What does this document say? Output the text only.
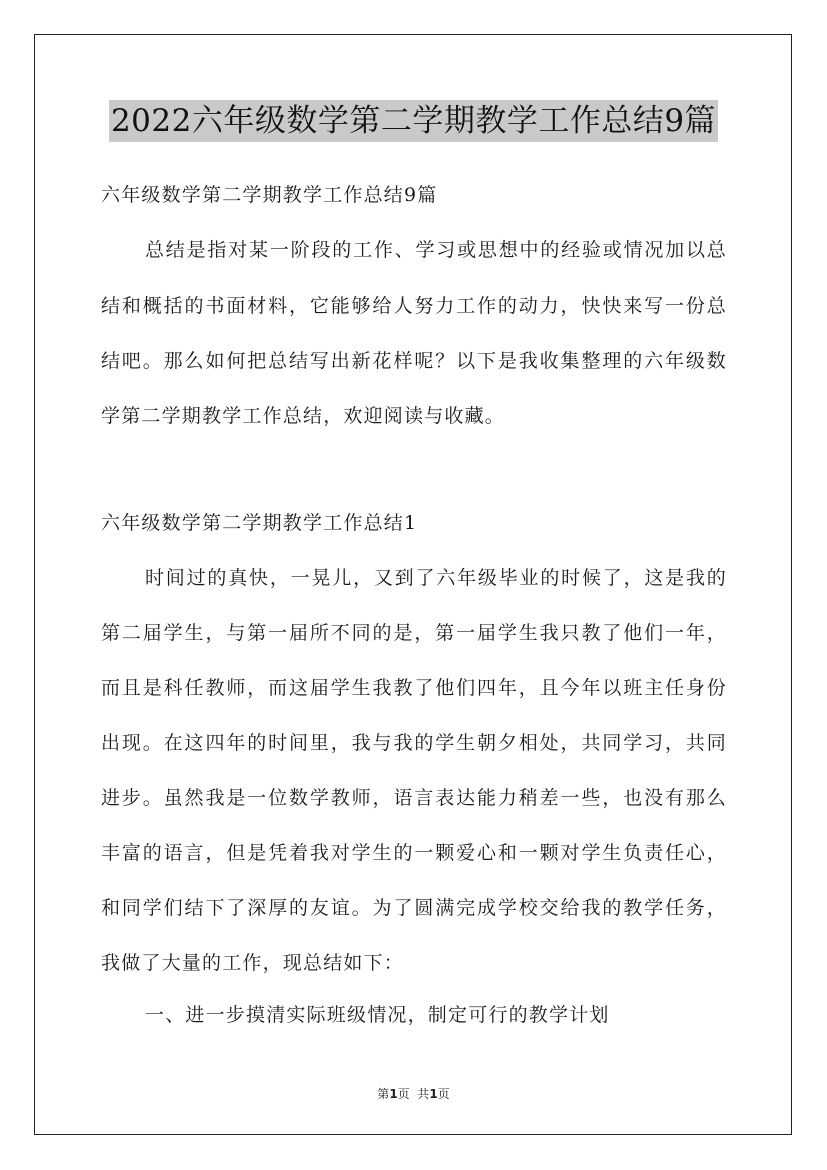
2022六年级数学第二学期教学工作总结9篇
六年级数学第二学期教学工作总结9篇
总结是指对某一阶段的工作、学习或思想中的经验或情况加以总
结和概括的书面材料，它能够给人努力工作的动力，快快来写一份总
结吧。那么如何把总结写出新花样呢？以下是我收集整理的六年级数
学第二学期教学工作总结，欢迎阅读与收藏。
六年级数学第二学期教学工作总结1
时间过的真快，一晃儿，又到了六年级毕业的时候了，这是我的
第二届学生，与第一届所不同的是，第一届学生我只教了他们一年，
而且是科任教师，而这届学生我教了他们四年，且今年以班主任身份
出现。在这四年的时间里，我与我的学生朝夕相处，共同学习，共同
进步。虽然我是一位数学教师，语言表达能力稍差一些，也没有那么
丰富的语言，但是凭着我对学生的一颗爱心和一颗对学生负责任心，
和同学们结下了深厚的友谊。为了圆满完成学校交给我的教学任务，
我做了大量的工作，现总结如下：
一、进一步摸清实际班级情况，制定可行的教学计划
第1页  共1页
